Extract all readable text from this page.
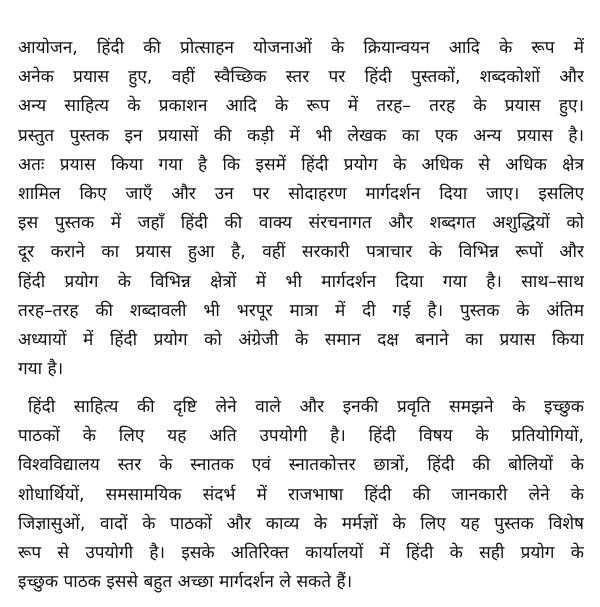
आयोजन, हिंदी की प्रोत्साहन योजनाओं के क्रियान्वयन आदि के रूप में
अनेक प्रयास हुए, वहीं स्वैच्छिक स्तर पर हिंदी पुस्तकों, शब्दकोशों और
अन्य साहित्य के प्रकाशन आदि के रूप में तरह– तरह के प्रयास हुए।
प्रस्तुत पुस्तक इन प्रयासों की कड़ी में भी लेखक का एक अन्य प्रयास है।
अतः प्रयास किया गया है कि इसमें हिंदी प्रयोग के अधिक से अधिक क्षेत्र
शामिल किए जाएँ और उन पर सोदाहरण मार्गदर्शन दिया जाए। इसलिए
इस पुस्तक में जहाँ हिंदी की वाक्य संरचनागत और शब्दगत अशुद्धियों को
दूर कराने का प्रयास हुआ है, वहीं सरकारी पत्राचार के विभिन्न रूपों और
हिंदी प्रयोग के विभिन्न क्षेत्रों में भी मार्गदर्शन दिया गया है। साथ–साथ
तरह–तरह की शब्दावली भी भरपूर मात्रा में दी गई है। पुस्तक के अंतिम
अध्यायों में हिंदी प्रयोग को अंग्रेजी के समान दक्ष बनाने का प्रयास किया
गया है।

हिंदी साहित्य की दृष्टि लेने वाले और इनकी प्रवृति समझने के इच्छुक
पाठकों के लिए यह अति उपयोगी है। हिंदी विषय के प्रतियोगियों,
विश्वविद्यालय स्तर के स्नातक एवं स्नातकोत्तर छात्रों, हिंदी की बोलियों के
शोधार्थियों, समसामयिक संदर्भ में राजभाषा हिंदी की जानकारी लेने के
जिज्ञासुओं, वादों के पाठकों और काव्य के मर्मज्ञों के लिए यह पुस्तक विशेष
रूप से उपयोगी है। इसके अतिरिक्त कार्यालयों में हिंदी के सही प्रयोग के
इच्छुक पाठक इससे बहुत अच्छा मार्गदर्शन ले सकते हैं।
